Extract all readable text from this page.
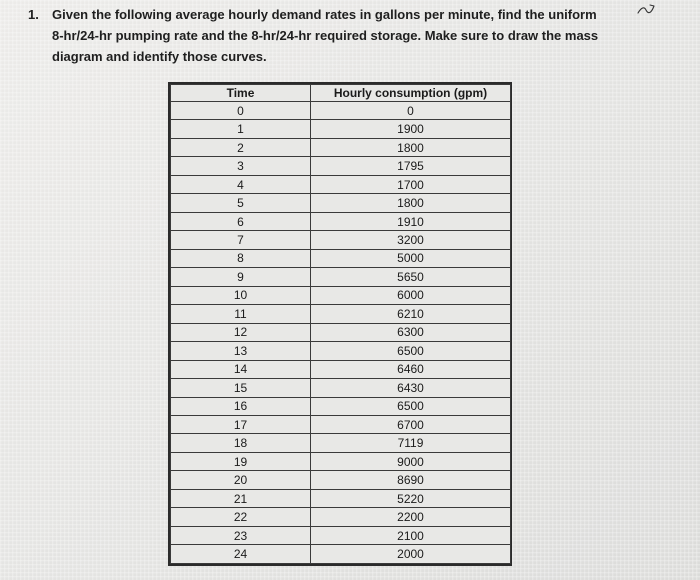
1. Given the following average hourly demand rates in gallons per minute, find the uniform
8-hr/24-hr pumping rate and the 8-hr/24-hr required storage. Make sure to draw the mass
diagram and identify those curves.
Time	Hourly consumption (gpm)
0	0
1	1900
2	1800
3	1795
4	1700
5	1800
6	1910
7	3200
8	5000
9	5650
10	6000
11	6210
12	6300
13	6500
14	6460
15	6430
16	6500
17	6700
18	7119
19	9000
20	8690
21	5220
22	2200
23	2100
24	2000
